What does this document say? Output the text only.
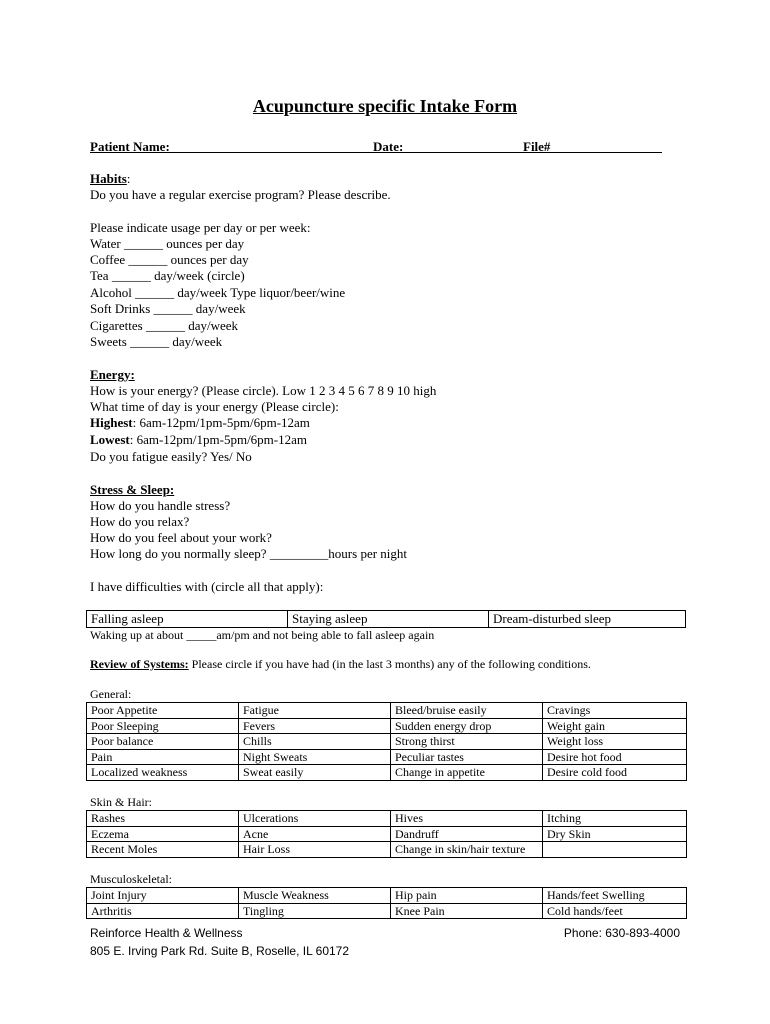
Acupuncture specific Intake Form
Patient Name:	Date:	File#
Habits:
Do you have a regular exercise program? Please describe.
Please indicate usage per day or per week:
Water ______ ounces per day
Coffee ______ ounces per day
Tea ______ day/week (circle)
Alcohol ______ day/week Type liquor/beer/wine
Soft Drinks ______ day/week
Cigarettes ______ day/week
Sweets ______ day/week
Energy:
How is your energy? (Please circle). Low 1 2 3 4 5 6 7 8 9 10 high
What time of day is your energy (Please circle):
Highest: 6am-12pm/1pm-5pm/6pm-12am
Lowest: 6am-12pm/1pm-5pm/6pm-12am
Do you fatigue easily? Yes/ No
Stress & Sleep:
How do you handle stress?
How do you relax?
How do you feel about your work?
How long do you normally sleep? _________hours per night
I have difficulties with (circle all that apply):
Falling asleep	Staying asleep	Dream-disturbed sleep
Waking up at about _____am/pm and not being able to fall asleep again
Review of Systems: Please circle if you have had (in the last 3 months) any of the following conditions.
General:
Poor Appetite	Fatigue	Bleed/bruise easily	Cravings
Poor Sleeping	Fevers	Sudden energy drop	Weight gain
Poor balance	Chills	Strong thirst	Weight loss
Pain	Night Sweats	Peculiar tastes	Desire hot food
Localized weakness	Sweat easily	Change in appetite	Desire cold food
Skin & Hair:
Rashes	Ulcerations	Hives	Itching
Eczema	Acne	Dandruff	Dry Skin
Recent Moles	Hair Loss	Change in skin/hair texture	
Musculoskeletal:
Joint Injury	Muscle Weakness	Hip pain	Hands/feet Swelling
Arthritis	Tingling	Knee Pain	Cold hands/feet
Reinforce Health & Wellness
805 E. Irving Park Rd. Suite B, Roselle, IL 60172
Phone: 630-893-4000
